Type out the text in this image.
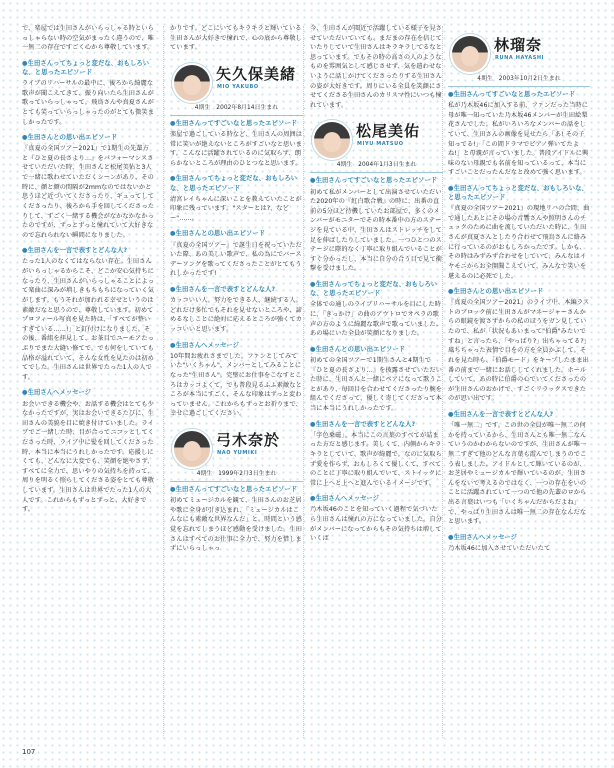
で、楽屋では生田さんがいらっしゃる時といらっしゃらない時の空気がまったく違うので、唯一無二の存在ですごく心から尊敬しています。

●生田さんってちょっと変だな、おもしろいな、と思ったエピソード

ライブのリハーサルの最中に、後ろから綺麗な歌声が聞こえてきて、振り向いたら生田さんが歌っていらっしゃって。飛鳥さんや真夏さんがとても笑っていらっしゃったのがとても微笑ましかったです。

●生田さんとの思い出エピソード

『真夏の全国ツアー2021』で1期生の先輩方と『ひと夏の長さより…』をパフォーマンスさせていただいた時、生田さんと松尾美佑と3人で一緒に歌わせていただくシーンがあり、その時に、顔と顔の間隔が2mmなのではないかと思うほど近づいてくださったり、ギュってしてくださったり、後ろから手を回してくださったりして、すごく一緒する機会がなかなかなかったのですが、ずっとずっと憧れていて大好きなので忘れられない瞬間になりました。

●生田さんを一言で表すとどんな人?

たった1人のなくてはならない存在。生田さんがいらっしゃるからこそ、どこか安心気持ちになったり、生田さんがいらっしゃることによって楽曲に深みが増しきもちもちになっていく気がします。もうそれが加われる幸せというのは素敵だなと思うので、尊敬しています。初めてプロフィール写真を見た時は、「すべてが整いすぎている……!」と釘付けになりました。その後、番組を拝見して、お茶目でユーモアたっぷりでまた大縫い修てで。でも何をしていても品格が溢れていて、そんな女性を見たのは初めてでした。生田さんは世界でたった1人の人です。

●生田さんへメッセージ

お会いできる機会や、お話する機会はとても少なかったですが、実はお会いできるたびに、生田さんの美貌を目に焼き付けていました。ライブでご一緒した時、目が合ってニコッとしてくださった時、ライブ中に髪を回してくださった時、本当に本当にうれしかったです。応援しにくても、どんなに大変でも、笑顔を絶やさず、すべてに全力で、思いやりの気持ちを持って、周りを明るく照らしてくださる姿をとても尊敬しています。生田さんは世界でたった1人の大人です。これからもずっとずっと、大好きです。

かりです。どこにいてもキラキラと輝いている生田さんが大好きで憧れで、心の底から尊敬しています。

矢久保美緒
MIO YAKUBO
4期生　2002年8月14日生まれ
●生田さんってすごいなと思ったエピソード

楽屋で過ごしている時など、生田さんの周囲は常に笑いが絶えないところがすごいなと思います。こんなに活躍されているのに気取らず、朗らかないところが理由のひとつなと思います。

●生田さんってちょっと変だな、おもしろいな、と思ったエピソード

清宮レイちゃんに深いことを教えていたことが印象に残っています。"スターとは?、などー"……。

●生田さんとの思い出エピソード

『真夏の全国ツアー』で誕生日を祝っていただいた際、あの美しい歌声で、私の為にでバースデーソングを歌ってくださったことがとてもうれしかったです!

●生田さんを一言で表すとどんな人?

カッコいい人。努力をできる人、継続する人。どれだけ多忙でもそれを見せないところや、諦めるなしことに絶対に応えるところが強くてカッコいいと思います。

●生田さんへメッセージ

10年間お疲れさまでした。ファンとしてみていた"いくちゃん"、メンバーとしてみることになった"生田さん"。完璧にお仕事をこなすところはカッコよくて、でも普段見るふふ素敵なところが本当にすごく、そんな印象はずっと変わっていません。これからもずっとお祈りまで、幸せに過ごしてください。

弓木奈於
NAO YUMIKI
4期生　1999年2月3日生まれ
●生田さんってすごいなと思ったエピソード

初めてミュージカルを観て、生田さんのお芝居や歌に全身が引き込まれ、「ミュージカルはこんなにも素敵な世界なんだ」と。時間という感覚を忘れてしまうほど感動を受けました。生田さんはすべてのお仕事に全力で、努力を惜しまずにいらっしゃっ

今、生田さんが閲近で活躍している様子を見させていただいていても、まだまの存在を信じていたりしていて生田さんはキラキラしてるなと思っています。でもその時の高さの人のようなものを雰囲気として感じさせず、気を遣わせないように話しかけてくださったりする生田さんの姿が大好きです。周りにいる全員を笑顔にさせてくださる生田さんのカリスマ性にいつも憧れています。

松尾美佑
MIYU MATSUO
4期生　2004年1月3日生まれ
●生田さんってすごいなと思ったエピソード

初めて私がメンバーとして出演させていただいた2020年の『紅白歌合戦』の時に、出番の直前の5分ほど待機していたお部屋で、多くのメンバーがモニターでその時本番中の方のステージを見ている中、生田さんはストレッチをして足を伸ばしたりしていました。一つひとつのステージに際的なく丁寧に取り組んでいることがすぐ分かったし、本当に自分の合う目で見て衝撃を受けました。

●生田さんってちょっと変だな、おもしろいな、と思ったエピソード

全体での通しのライブリハーサルを目にした時に、「きっかけ」の曲のアウトロでオペラの歌声の方のように綺麗な歌声で歌っていました。あの場にいた全員が笑顔になりました。

●生田さんとの思い出エピソード

初めての全国ツアーで1期生さんと4期生で『ひと夏の長さより…』を披露させていただいた時に、生田さんと一緒にペアになって歌うことがあり、毎回目を合わせてくださったり腕を組んでくださって、優しく寄してくださって本当に本当にうれしかったです。

●生田さんを一言で表すとどんな人?

「字色乗磁」。本当にこの言葉のすべてが詰まった方だと感じます。美しくて、内側からキラキラとしていて、歌声が綺麗で。なのに気取らず愛を作らず、おもしろくて優しくて、すべてのことに丁寧に取り組んでいて、ストイックに常に上へと上へと進んでいるイメージです。

●生田さんへメッセージ

乃木坂46のことを知っていく過程で気づいたら生田さんは憧れの方になっていました。自分がメンバーになってからもその気持ちは増していくば

林瑠奈
RUNA HAYASHI
4期生　2003年10月2日生まれ
●生田さんってすごいなと思ったエピソード

私が乃木坂46に加入する前、ファンだった当時に母が唯一知っていた乃木坂46メンバーが生田絵梨花さんでした。私がいろいろなメンバーの話をしていて、生田さんの画像を見せたら「あ! その子知ってる!」「この間ドラマでピアノ弾いてたよね!」と母親が言っていました。普段アイドルに興味のない母親でも名前を知っているって、本当にすごいことだったんだなと改めて強く思います。

●生田さんってちょっと変だな、おもしろいな、と思ったエピソード

『真夏の全国ツアー2021』の現地リハの合間、曲で通したあとにその場の音響さんや照明さんのチェックのために曲を流していただいた時に、生田さんが真夏さんとしたり合わせて飛鳥さんに絡みに行っているのがおもしろかったです。しかも、その時はみずみず合わせをしていて、みんなはイヤモニからお全開聞こえていて、みんなで笑いを堪えるのに必死でした。

●生田さんとの思い出エピソード

『真夏の全国ツアー2021』のライブ中、本編ラストのブロック前に生田さんがマネージャーさんからの眼鏡を渡さずからの私のほうをガン見していたので、私が「状況もあいまって"伯爵"みたいですね」と言ったら、「やっぱり?」出ちゃってる?」風ちちゃった表情で目をの方を全員かぶして。それを見た時も、「伯爵モード」をキープしたまま出番の前まで一緒にお話ししてくれました。ホールしていて、あの時に伯爵の心でいてくださったのが生田さんのおかげで、すごくリラックスできたのが思い出です。

●生田さんを一言で表すとどんな人?

「唯一無二」です。この世の全員が唯一無二の何かを持っているから、生田さんとも唯一無二なんていうのかわからないのですが、生田さんが唯一無二すぎて他のどんな言葉も霞んでしまうのでこう表しました。アイドルとして輝いているのが、お芝居やミュージカルで輝いているのが、生田さんをないで考えるのではなく、一つの存在をいのことに活躍されていて一つので他の先輩のロから出る言葉はいつも「いくちゃんだからだよね」で、やっぱり生田さんは唯一無二の存在なんだなと思います。

●生田さんへメッセージ

乃木坂46に加入させていただいたて

107
